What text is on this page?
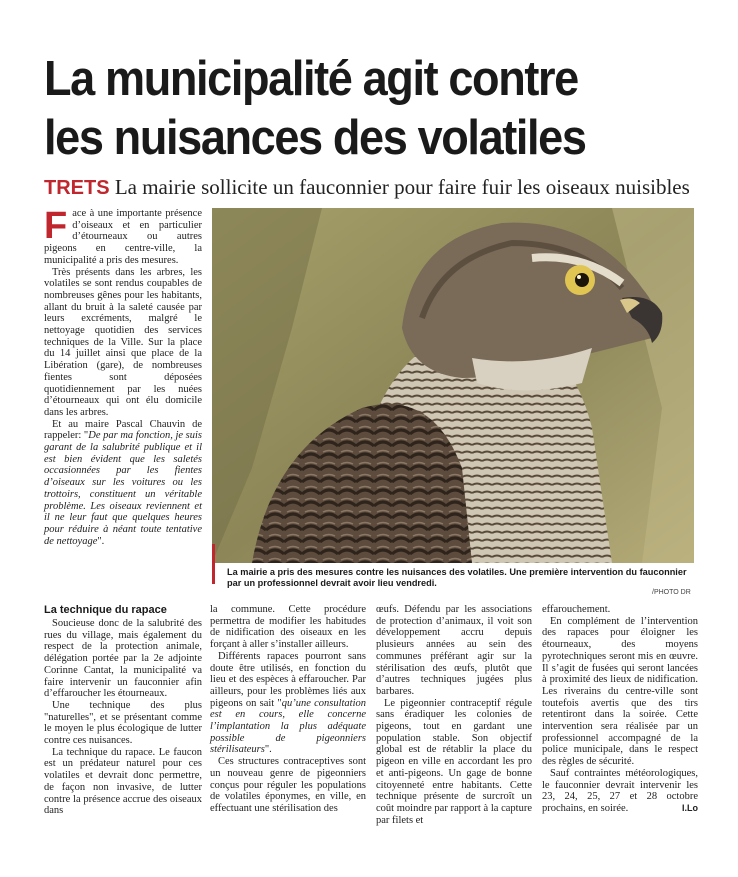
La municipalité agit contre
les nuisances des volatiles
TRETS La mairie sollicite un fauconnier pour faire fuir les oiseaux nuisibles

Face à une importante présence d’oiseaux et en particulier d’étourneaux ou autres pigeons en centre-ville, la municipalité a pris des mesures.

Très présents dans les arbres, les volatiles se sont rendus coupables de nombreuses gênes pour les habitants, allant du bruit à la saleté causée par leurs excréments, malgré le nettoyage quotidien des services techniques de la Ville. Sur la place du 14 juillet ainsi que place de la Libération (gare), de nombreuses fientes sont déposées quotidiennement par les nuées d’étourneaux qui ont élu domicile dans les arbres.

Et au maire Pascal Chauvin de rappeler: "De par ma fonction, je suis garant de la salubrité publique et il est bien évident que les saletés occasionnées par les fientes d’oiseaux sur les voitures ou les trottoirs, constituent un véritable problème. Les oiseaux reviennent et il ne leur faut que quelques heures pour réduire à néant toute tentative de nettoyage".

La mairie a pris des mesures contre les nuisances des volatiles. Une première intervention du fauconnier par un professionnel devrait avoir lieu vendredi.
/PHOTO DR
La technique du rapace

Soucieuse donc de la salubrité des rues du village, mais également du respect de la protection animale, délégation portée par la 2e adjointe Corinne Cantat, la municipalité va faire intervenir un fauconnier afin d’effaroucher les étourneaux.

Une technique des plus "naturelles", et se présentant comme le moyen le plus écologique de lutter contre ces nuisances.

La technique du rapace. Le faucon est un prédateur naturel pour ces volatiles et devrait donc permettre, de façon non invasive, de lutter contre la présence accrue des oiseaux dans

la commune. Cette procédure permettra de modifier les habitudes de nidification des oiseaux en les forçant à aller s’installer ailleurs.

Différents rapaces pourront sans doute être utilisés, en fonction du lieu et des espèces à effaroucher. Par ailleurs, pour les problèmes liés aux pigeons on sait "qu’une consultation est en cours, elle concerne l’implantation la plus adéquate possible de pigeonniers stérilisateurs".

Ces structures contraceptives sont un nouveau genre de pigeonniers conçus pour réguler les populations de volatiles éponymes, en ville, en effectuant une stérilisation des

œufs. Défendu par les associations de protection d’animaux, il voit son développement accru depuis plusieurs années au sein des communes préférant agir sur la stérilisation des œufs, plutôt que d’autres techniques jugées plus barbares.

Le pigeonnier contraceptif régule sans éradiquer les colonies de pigeons, tout en gardant une population stable. Son objectif global est de rétablir la place du pigeon en ville en accordant les pro et anti-pigeons. Un gage de bonne citoyenneté entre habitants. Cette technique présente de surcroît un coût moindre par rapport à la capture par filets et

effarouchement.

En complément de l’intervention des rapaces pour éloigner les étourneaux, des moyens pyrotechniques seront mis en œuvre. Il s’agit de fusées qui seront lancées à proximité des lieux de nidification. Les riverains du centre-ville sont toutefois avertis que des tirs retentiront dans la soirée. Cette intervention sera réalisée par un professionnel accompagné de la police municipale, dans le respect des règles de sécurité.

Sauf contraintes météorologiques, le fauconnier devrait intervenir les 23, 24, 25, 27 et 28 octobre prochains, en soirée.	I.Lo
